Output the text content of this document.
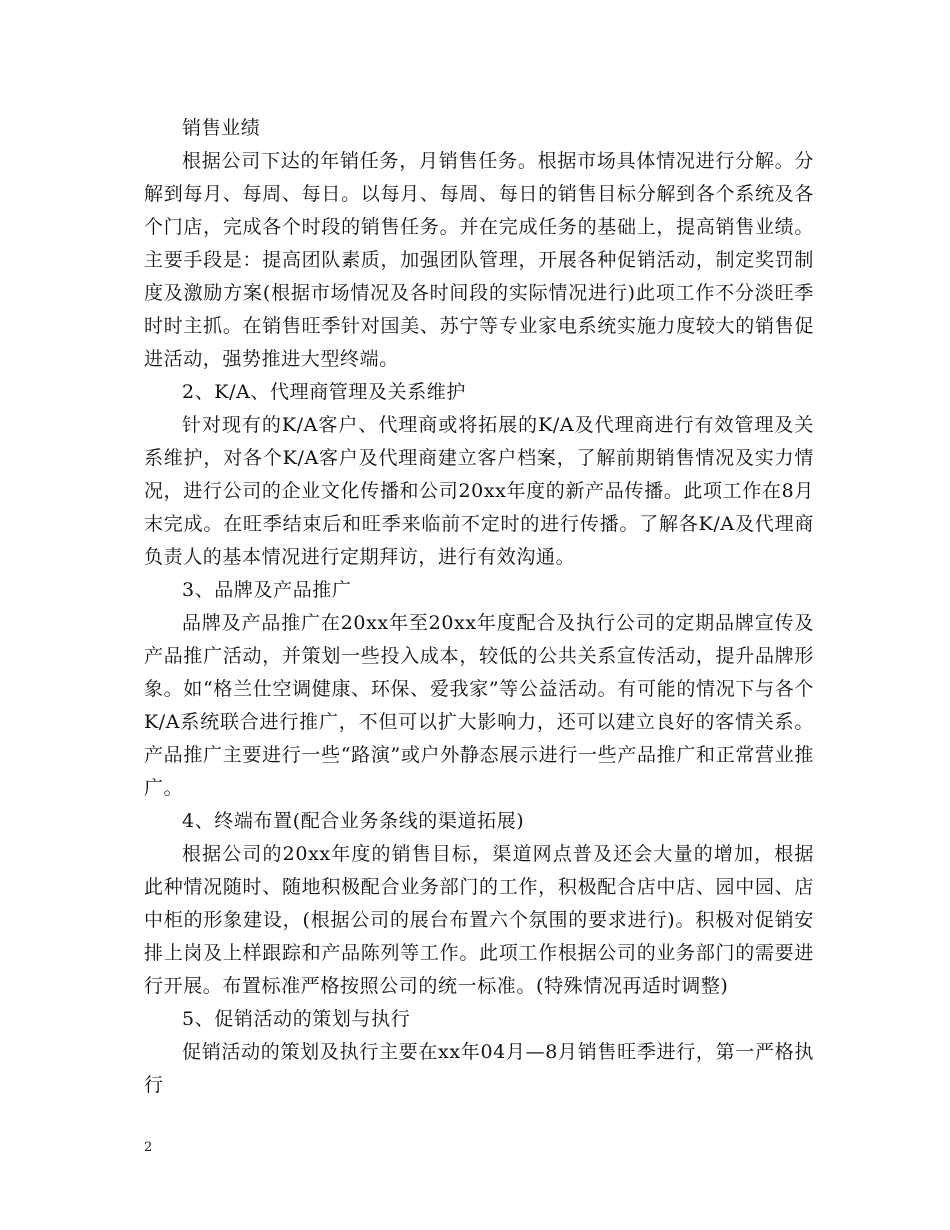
销售业绩

根据公司下达的年销任务，月销售任务。根据市场具体情况进行分解。分解到每月、每周、每日。以每月、每周、每日的销售目标分解到各个系统及各个门店，完成各个时段的销售任务。并在完成任务的基础上，提高销售业绩。主要手段是：提高团队素质，加强团队管理，开展各种促销活动，制定奖罚制度及激励方案(根据市场情况及各时间段的实际情况进行)此项工作不分淡旺季时时主抓。在销售旺季针对国美、苏宁等专业家电系统实施力度较大的销售促进活动，强势推进大型终端。

2、K/A、代理商管理及关系维护

针对现有的K/A客户、代理商或将拓展的K/A及代理商进行有效管理及关系维护，对各个K/A客户及代理商建立客户档案，了解前期销售情况及实力情况，进行公司的企业文化传播和公司20xx年度的新产品传播。此项工作在8月末完成。在旺季结束后和旺季来临前不定时的进行传播。了解各K/A及代理商负责人的基本情况进行定期拜访，进行有效沟通。

3、品牌及产品推广

品牌及产品推广在20xx年至20xx年度配合及执行公司的定期品牌宣传及产品推广活动，并策划一些投入成本，较低的公共关系宣传活动，提升品牌形象。如“格兰仕空调健康、环保、爱我家”等公益活动。有可能的情况下与各个K/A系统联合进行推广，不但可以扩大影响力，还可以建立良好的客情关系。产品推广主要进行一些“路演”或户外静态展示进行一些产品推广和正常营业推广。

4、终端布置(配合业务条线的渠道拓展)

根据公司的20xx年度的销售目标，渠道网点普及还会大量的增加，根据此种情况随时、随地积极配合业务部门的工作，积极配合店中店、园中园、店中柜的形象建设，(根据公司的展台布置六个氛围的要求进行)。积极对促销安排上岗及上样跟踪和产品陈列等工作。此项工作根据公司的业务部门的需要进行开展。布置标准严格按照公司的统一标准。(特殊情况再适时调整)

5、促销活动的策划与执行

促销活动的策划及执行主要在xx年04月—8月销售旺季进行，第一严格执行

2
